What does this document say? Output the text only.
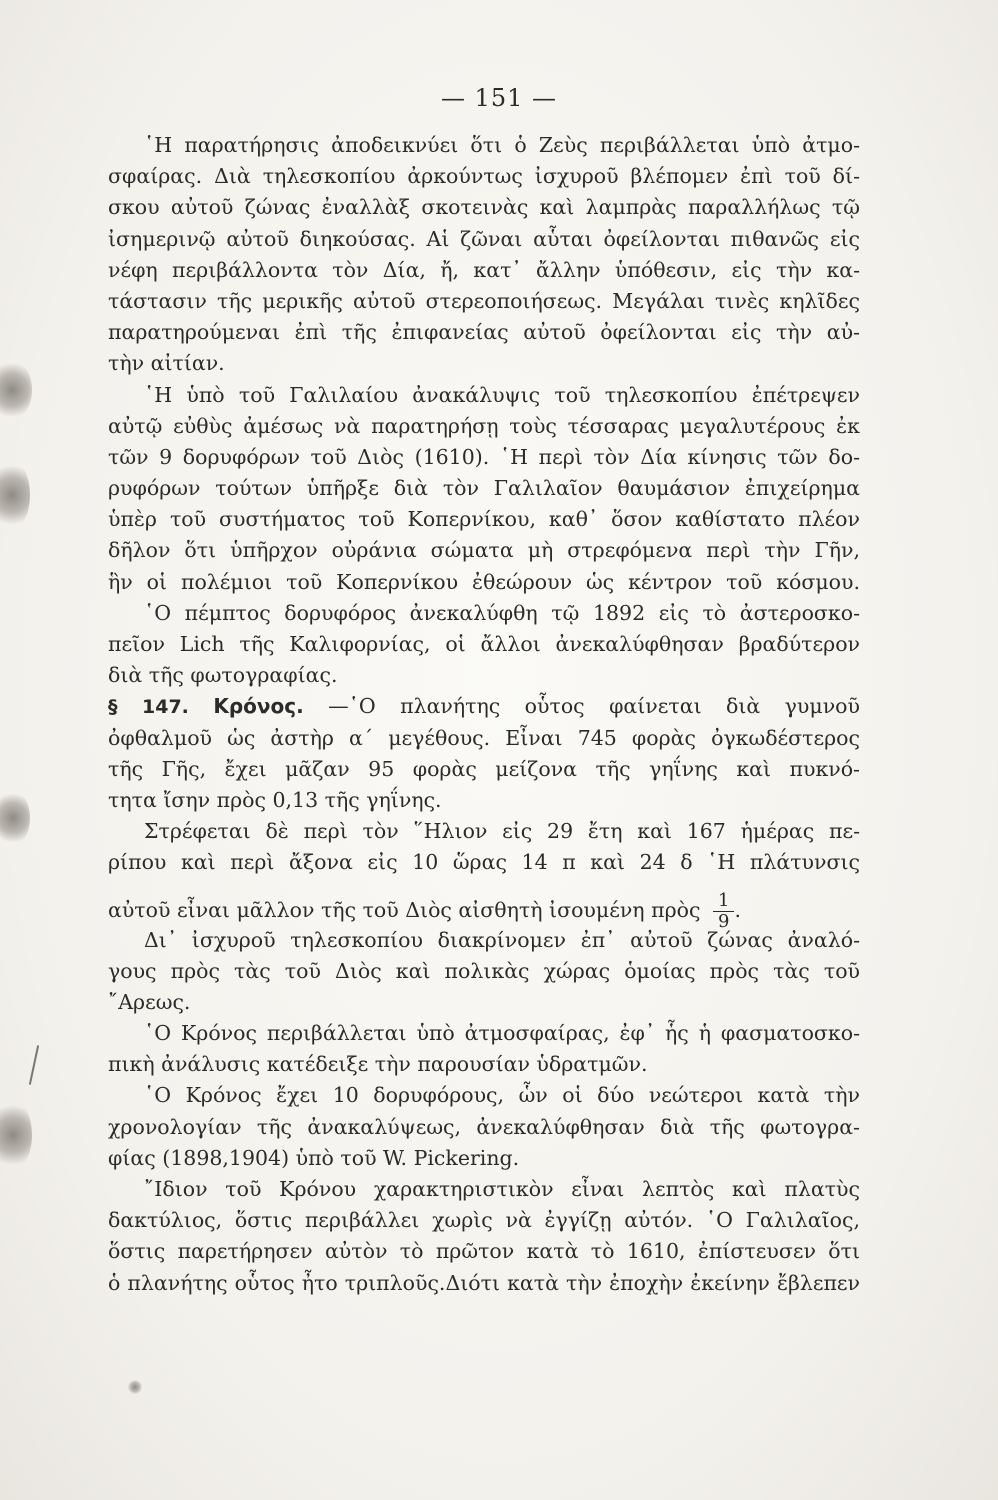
— 151 —
῾Η παρατήρησις ἀποδεικνύει ὅτι ὁ Ζεὺς περιβάλλεται ὑπὸ ἀτμο-
σφαίρας. Διὰ τηλεσκοπίου ἀρκούντως ἰσχυροῦ βλέπομεν ἐπὶ τοῦ δί-
σκου αὐτοῦ ζώνας ἐναλλὰξ σκοτεινὰς καὶ λαμπρὰς παραλλήλως τῷ
ἰσημερινῷ αὐτοῦ διηκούσας. Αἱ ζῶναι αὗται ὀφείλονται πιθανῶς εἰς
νέφη περιβάλλοντα τὸν Δία, ἤ, κατ᾿ ἄλλην ὑπόθεσιν, εἰς τὴν κα-
τάστασιν τῆς μερικῆς αὐτοῦ στερεοποιήσεως. Μεγάλαι τινὲς κηλῖδες
παρατηρούμεναι ἐπὶ τῆς ἐπιφανείας αὐτοῦ ὀφείλονται εἰς τὴν αὐ-
τὴν αἰτίαν.
῾Η ὑπὸ τοῦ Γαλιλαίου ἀνακάλυψις τοῦ τηλεσκοπίου ἐπέτρεψεν
αὐτῷ εὐθὺς ἀμέσως νὰ παρατηρήσῃ τοὺς τέσσαρας μεγαλυτέρους ἐκ
τῶν 9 δορυφόρων τοῦ Διὸς (1610). ῾Η περὶ τὸν Δία κίνησις τῶν δο-
ρυφόρων τούτων ὑπῆρξε διὰ τὸν Γαλιλαῖον θαυμάσιον ἐπιχείρημα
ὑπὲρ τοῦ συστήματος τοῦ Κοπερνίκου, καθ᾿ ὅσον καθίστατο πλέον
δῆλον ὅτι ὑπῆρχον οὐράνια σώματα μὴ στρεφόμενα περὶ τὴν Γῆν,
ἣν οἱ πολέμιοι τοῦ Κοπερνίκου ἐθεώρουν ὡς κέντρον τοῦ κόσμου.
῾Ο πέμπτος δορυφόρος ἀνεκαλύφθη τῷ 1892 εἰς τὸ ἀστεροσκο-
πεῖον Lich τῆς Καλιφορνίας, οἱ ἄλλοι ἀνεκαλύφθησαν βραδύτερον
διὰ τῆς φωτογραφίας.
§ 147. Κρόνος. —῾Ο πλανήτης οὗτος φαίνεται διὰ γυμνοῦ
ὀφθαλμοῦ ὡς ἀστὴρ α΄ μεγέθους. Εἶναι 745 φορὰς ὀγκωδέστερος
τῆς Γῆς, ἔχει μᾶζαν 95 φορὰς μείζονα τῆς γηΐνης καὶ πυκνό-
τητα ἴσην πρὸς 0,13 τῆς γηΐνης.
Στρέφεται δὲ περὶ τὸν ῞Ηλιον εἰς 29 ἔτη καὶ 167 ἡμέρας πε-
ρίπου καὶ περὶ ἄξονα εἰς 10 ὥρας 14 π καὶ 24 δ ῾Η πλάτυνσις
αὐτοῦ εἶναι μᾶλλον τῆς τοῦ Διὸς αἰσθητὴ ἰσουμένη πρὸς $\frac{1}{9}$ .
Δι᾿ ἰσχυροῦ τηλεσκοπίου διακρίνομεν ἐπ᾿ αὐτοῦ ζώνας ἀναλό-
γους πρὸς τὰς τοῦ Διὸς καὶ πολικὰς χώρας ὁμοίας πρὸς τὰς τοῦ
῎Αρεως.
῾Ο Κρόνος περιβάλλεται ὑπὸ ἀτμοσφαίρας, ἐφ᾿ ἧς ἡ φασματοσκο-
πικὴ ἀνάλυσις κατέδειξε τὴν παρουσίαν ὑδρατμῶν.
῾Ο Κρόνος ἔχει 10 δορυφόρους, ὧν οἱ δύο νεώτεροι κατὰ τὴν
χρονολογίαν τῆς ἀνακαλύψεως, ἀνεκαλύφθησαν διὰ τῆς φωτογρα-
φίας (1898,1904) ὑπὸ τοῦ W. Pickering.
῎Ιδιον τοῦ Κρόνου χαρακτηριστικὸν εἶναι λεπτὸς καὶ πλατὺς
δακτύλιος, ὅστις περιβάλλει χωρὶς νὰ ἐγγίζῃ αὐτόν. ῾Ο Γαλιλαῖος,
ὅστις παρετήρησεν αὐτὸν τὸ πρῶτον κατὰ τὸ 1610, ἐπίστευσεν ὅτι
ὁ πλανήτης οὗτος ἦτο τριπλοῦς.Διότι κατὰ τὴν ἐποχὴν ἐκείνην ἔβλεπεν
